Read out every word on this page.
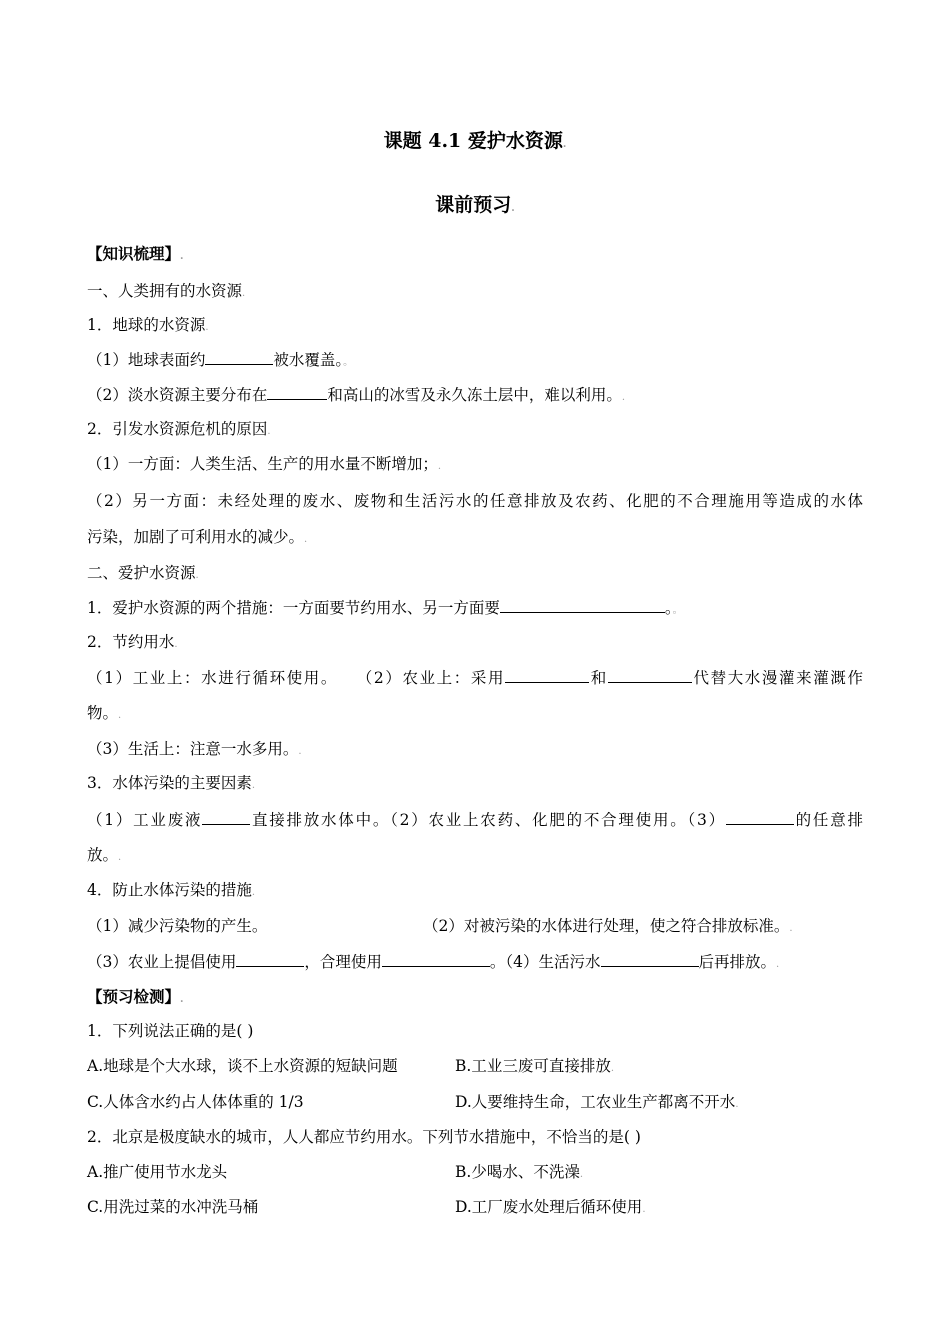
课题 4.1 爱护水资源.
课前预习.
【知识梳理】.
一、人类拥有的水资源.
1．地球的水资源.
（1）地球表面约	被水覆盖。。
（2）淡水资源主要分布在	和高山的冰雪及永久冻土层中，难以利用。.
2．引发水资源危机的原因.
（1）一方面：人类生活、生产的用水量不断增加；.
（2）另一方面：未经处理的废水、废物和生活污水的任意排放及农药、化肥的不合理施用等造成的水体
污染，加剧了可利用水的减少。.
二、爱护水资源.
1．爱护水资源的两个措施：一方面要节约用水、另一方面要	。。
2．节约用水.
（1）工业上：水进行循环使用。　　 （2）农业上：采用	和	代替大水漫灌来灌溉作
物。.
（3）生活上：注意一水多用。.
3．水体污染的主要因素.
（1）工业废液	直接排放水体中。（2）农业上农药、化肥的不合理使用。（3）	的任意排
放。.
4．防止水体污染的措施.
（1）减少污染物的产生。	（2）对被污染的水体进行处理，使之符合排放标准。.
（3）农业上提倡使用	，合理使用	。（4）生活污水	后再排放。.
【预习检测】.
1．下列说法正确的是( )
A.地球是个大水球，谈不上水资源的短缺问题	B.工业三废可直接排放.
C.人体含水约占人体体重的 1/3	D.人要维持生命，工农业生产都离不开水.
2．北京是极度缺水的城市，人人都应节约用水。下列节水措施中，不恰当的是( )
A.推广使用节水龙头	B.少喝水、不洗澡.
C.用洗过菜的水冲洗马桶	D.工厂废水处理后循环使用.
